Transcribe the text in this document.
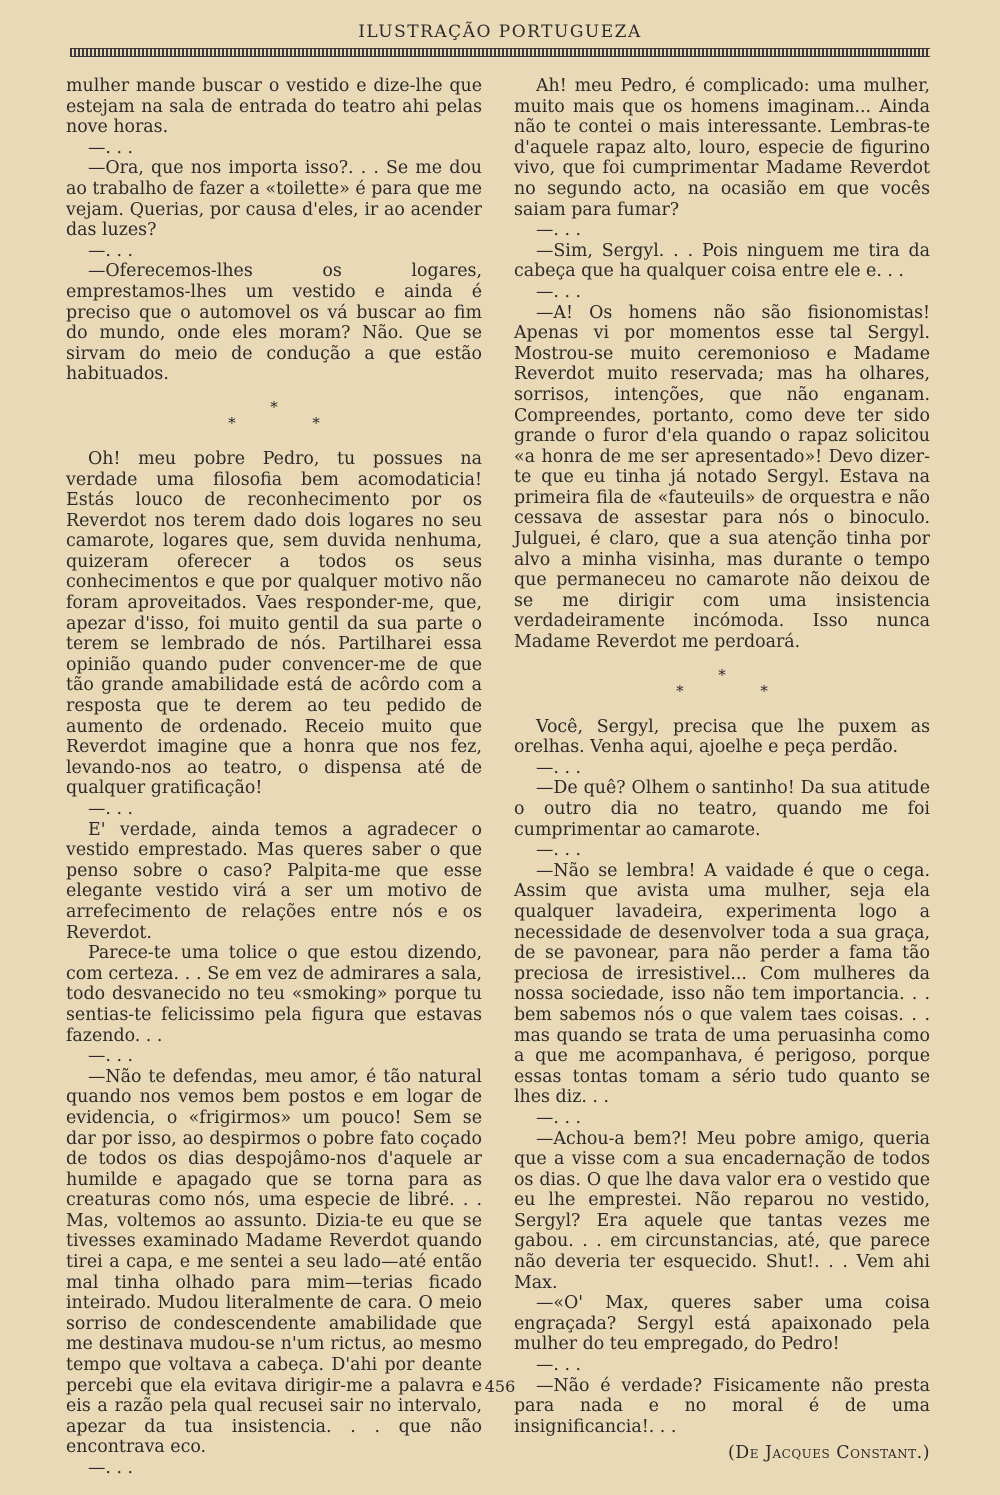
ILUSTRAÇÃO PORTUGUEZA

mulher mande buscar o vestido e dize-lhe que estejam na sala de entrada do teatro ahi pelas nove horas.

—. . .

—Ora, que nos importa isso?. . . Se me dou ao trabalho de fazer a «toilette» é para que me vejam. Querias, por causa d'eles, ir ao acender das luzes?

—. . .

—Oferecemos-lhes os logares, emprestamos-lhes um vestido e ainda é preciso que o automovel os vá buscar ao fim do mundo, onde eles moram? Não. Que se sirvam do meio de condução a que estão habituados.

*
* *

Oh! meu pobre Pedro, tu possues na verdade uma filosofia bem acomodaticia! Estás louco de reconhecimento por os Reverdot nos terem dado dois logares no seu camarote, logares que, sem duvida nenhuma, quizeram oferecer a todos os seus conhecimentos e que por qualquer motivo não foram aproveitados. Vaes responder-me, que, apezar d'isso, foi muito gentil da sua parte o terem se lembrado de nós. Partilharei essa opinião quando puder convencer-me de que tão grande amabilidade está de acôrdo com a resposta que te derem ao teu pedido de aumento de ordenado. Receio muito que Reverdot imagine que a honra que nos fez, levando-nos ao teatro, o dispensa até de qualquer gratificação!

—. . .

E' verdade, ainda temos a agradecer o vestido emprestado. Mas queres saber o que penso sobre o caso? Palpita-me que esse elegante vestido virá a ser um motivo de arrefecimento de relações entre nós e os Reverdot.

Parece-te uma tolice o que estou dizendo, com certeza. . . Se em vez de admirares a sala, todo desvanecido no teu «smoking» porque tu sentias-te felicissimo pela figura que estavas fazendo. . .

—. . .

—Não te defendas, meu amor, é tão natural quando nos vemos bem postos e em logar de evidencia, o «frigirmos» um pouco! Sem se dar por isso, ao despirmos o pobre fato coçado de todos os dias despojâmo-nos d'aquele ar humilde e apagado que se torna para as creaturas como nós, uma especie de libré. . . Mas, voltemos ao assunto. Dizia-te eu que se tivesses examinado Madame Reverdot quando tirei a capa, e me sentei a seu lado—até então mal tinha olhado para mim—terias ficado inteirado. Mudou literalmente de cara. O meio sorriso de condescendente amabilidade que me destinava mudou-se n'um rictus, ao mesmo tempo que voltava a cabeça. D'ahi por deante percebi que ela evitava dirigir-me a palavra e eis a razão pela qual recusei sair no intervalo, apezar da tua insistencia. . . que não encontrava eco.

—. . .

Ah! meu Pedro, é complicado: uma mulher, muito mais que os homens imaginam... Ainda não te contei o mais interessante. Lembras-te d'aquele rapaz alto, louro, especie de figurino vivo, que foi cumprimentar Madame Reverdot no segundo acto, na ocasião em que vocês saiam para fumar?

—. . .

—Sim, Sergyl. . . Pois ninguem me tira da cabeça que ha qualquer coisa entre ele e. . .

—. . .

—A! Os homens não são fisionomistas! Apenas vi por momentos esse tal Sergyl. Mostrou-se muito ceremonioso e Madame Reverdot muito reservada; mas ha olhares, sorrisos, intenções, que não enganam. Compreendes, portanto, como deve ter sido grande o furor d'ela quando o rapaz solicitou «a honra de me ser apresentado»! Devo dizer-te que eu tinha já notado Sergyl. Estava na primeira fila de «fauteuils» de orquestra e não cessava de assestar para nós o binoculo. Julguei, é claro, que a sua atenção tinha por alvo a minha visinha, mas durante o tempo que permaneceu no camarote não deixou de se me dirigir com uma insistencia verdadeiramente incómoda. Isso nunca Madame Reverdot me perdoará.

*
* *

Você, Sergyl, precisa que lhe puxem as orelhas. Venha aqui, ajoelhe e peça perdão.

—. . .

—De quê? Olhem o santinho! Da sua atitude o outro dia no teatro, quando me foi cumprimentar ao camarote.

—. . .

—Não se lembra! A vaidade é que o cega. Assim que avista uma mulher, seja ela qualquer lavadeira, experimenta logo a necessidade de desenvolver toda a sua graça, de se pavonear, para não perder a fama tão preciosa de irresistivel... Com mulheres da nossa sociedade, isso não tem importancia. . . bem sabemos nós o que valem taes coisas. . . mas quando se trata de uma peruasinha como a que me acompanhava, é perigoso, porque essas tontas tomam a sério tudo quanto se lhes diz. . .

—. . .

—Achou-a bem?! Meu pobre amigo, queria que a visse com a sua encadernação de todos os dias. O que lhe dava valor era o vestido que eu lhe emprestei. Não reparou no vestido, Sergyl? Era aquele que tantas vezes me gabou. . . em circunstancias, até, que parece não deveria ter esquecido. Shut!. . . Vem ahi Max.

—«O' Max, queres saber uma coisa engraçada? Sergyl está apaixonado pela mulher do teu empregado, do Pedro!

—. . .

—Não é verdade? Fisicamente não presta para nada e no moral é de uma insignificancia!. . .

(De Jacques Constant.)

456
